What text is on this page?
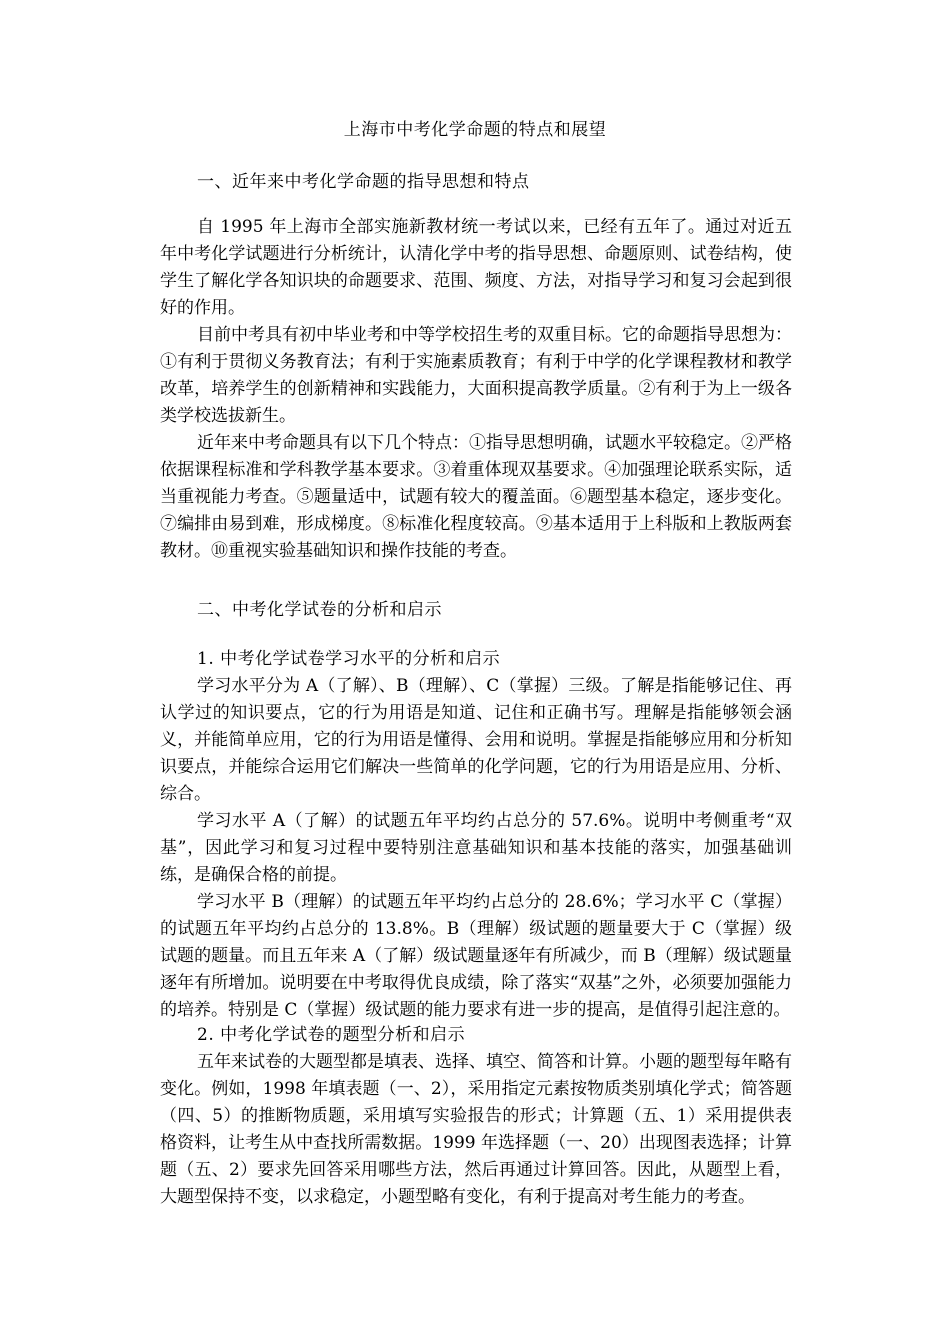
上海市中考化学命题的特点和展望
一、近年来中考化学命题的指导思想和特点

自 1995 年上海市全部实施新教材统一考试以来，已经有五年了。通过对近五年中考化学试题进行分析统计，认清化学中考的指导思想、命题原则、试卷结构，使学生了解化学各知识块的命题要求、范围、频度、方法，对指导学习和复习会起到很好的作用。

目前中考具有初中毕业考和中等学校招生考的双重目标。它的命题指导思想为：①有利于贯彻义务教育法；有利于实施素质教育；有利于中学的化学课程教材和教学改革，培养学生的创新精神和实践能力，大面积提高教学质量。②有利于为上一级各类学校选拔新生。

近年来中考命题具有以下几个特点：①指导思想明确，试题水平较稳定。②严格依据课程标准和学科教学基本要求。③着重体现双基要求。④加强理论联系实际，适当重视能力考查。⑤题量适中，试题有较大的覆盖面。⑥题型基本稳定，逐步变化。⑦编排由易到难，形成梯度。⑧标准化程度较高。⑨基本适用于上科版和上教版两套教材。⑩重视实验基础知识和操作技能的考查。

二、中考化学试卷的分析和启示
1. 中考化学试卷学习水平的分析和启示

学习水平分为 A（了解）、B（理解）、C（掌握）三级。了解是指能够记住、再认学过的知识要点，它的行为用语是知道、记住和正确书写。理解是指能够领会涵义，并能简单应用，它的行为用语是懂得、会用和说明。掌握是指能够应用和分析知识要点，并能综合运用它们解决一些简单的化学问题，它的行为用语是应用、分析、综合。

学习水平 A（了解）的试题五年平均约占总分的 57.6%。说明中考侧重考“双基”，因此学习和复习过程中要特别注意基础知识和基本技能的落实，加强基础训练，是确保合格的前提。

学习水平 B（理解）的试题五年平均约占总分的 28.6%；学习水平 C（掌握）的试题五年平均约占总分的 13.8%。B（理解）级试题的题量要大于 C（掌握）级试题的题量。而且五年来 A（了解）级试题量逐年有所减少，而 B（理解）级试题量逐年有所增加。说明要在中考取得优良成绩，除了落实“双基”之外，必须要加强能力的培养。特别是 C（掌握）级试题的能力要求有进一步的提高，是值得引起注意的。

2. 中考化学试卷的题型分析和启示

五年来试卷的大题型都是填表、选择、填空、简答和计算。小题的题型每年略有变化。例如，1998 年填表题（一、2），采用指定元素按物质类别填化学式；简答题（四、5）的推断物质题，采用填写实验报告的形式；计算题（五、1）采用提供表格资料，让考生从中查找所需数据。1999 年选择题（一、20）出现图表选择；计算题（五、2）要求先回答采用哪些方法，然后再通过计算回答。因此，从题型上看，大题型保持不变，以求稳定，小题型略有变化，有利于提高对考生能力的考查。
